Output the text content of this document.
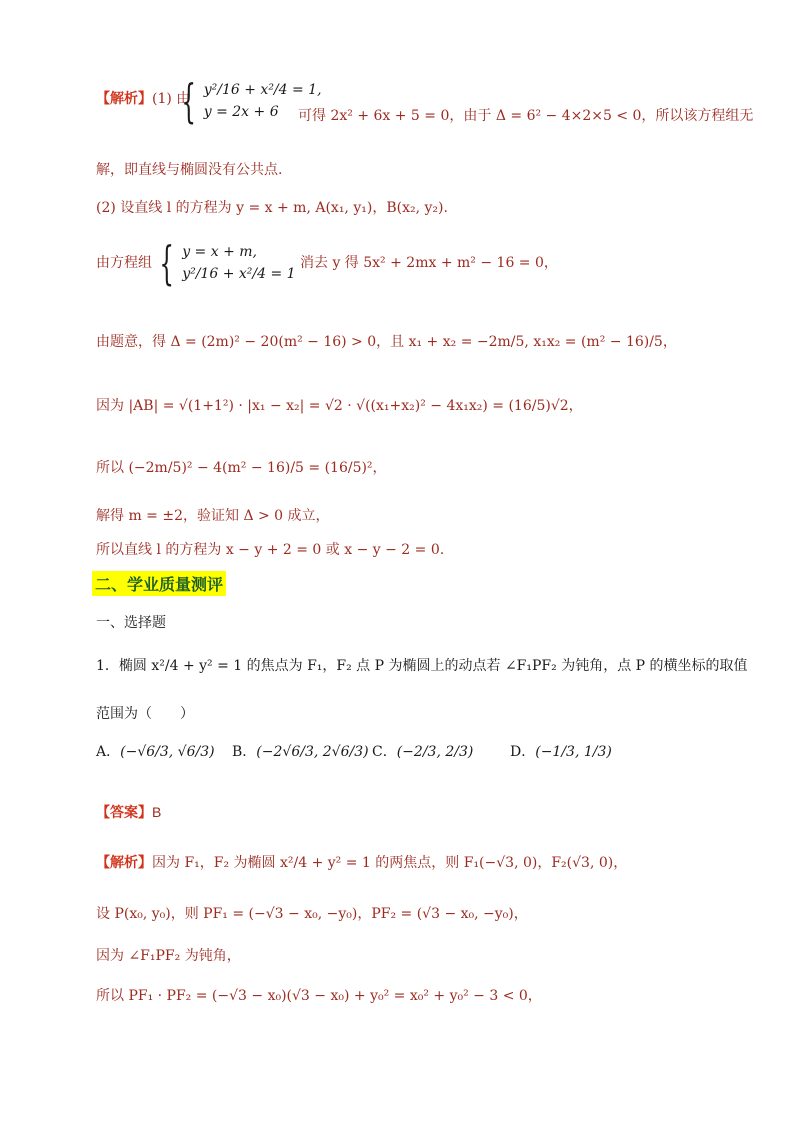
【解析】(1) 由
{ y²/16 + x²/4 = 1,
y = 2x + 6	可得 2x² + 6x + 5 = 0，由于 Δ = 6² − 4×2×5 < 0，所以该方程组无
解，即直线与椭圆没有公共点.
(2) 设直线 l 的方程为 y = x + m, A(x₁, y₁)，B(x₂, y₂).
由方程组 { y = x + m,
y²/16 + x²/4 = 1
消去 y 得 5x² + 2mx + m² − 16 = 0，
由题意，得 Δ = (2m)² − 20(m² − 16) > 0，且 x₁ + x₂ = −2m/5, x₁x₂ = (m² − 16)/5，
因为 |AB| = √(1+1²) · |x₁ − x₂| = √2 · √((x₁+x₂)² − 4x₁x₂) = (16/5)√2，
所以 (−2m/5)² − 4(m² − 16)/5 = (16/5)²，
解得 m = ±2，验证知 Δ > 0 成立，
所以直线 l 的方程为 x − y + 2 = 0 或 x − y − 2 = 0.
二、学业质量测评
一、选择题
1．椭圆 x²/4 + y² = 1 的焦点为 F₁，F₂ 点 P 为椭圆上的动点若 ∠F₁PF₂ 为钝角，点 P 的横坐标的取值
范围为（　　）
A．(−√6/3, √6/3) B．(−2√6/3, 2√6/3) C．(−2/3, 2/3)	D．(−1/3, 1/3)
【答案】B
【解析】因为 F₁，F₂ 为椭圆 x²/4 + y² = 1 的两焦点，则 F₁(−√3, 0)，F₂(√3, 0)，
设 P(x₀, y₀)，则 PF₁ = (−√3 − x₀, −y₀)，PF₂ = (√3 − x₀, −y₀)，
因为 ∠F₁PF₂ 为钝角，
所以 PF₁ · PF₂ = (−√3 − x₀)(√3 − x₀) + y₀² = x₀² + y₀² − 3 < 0，
